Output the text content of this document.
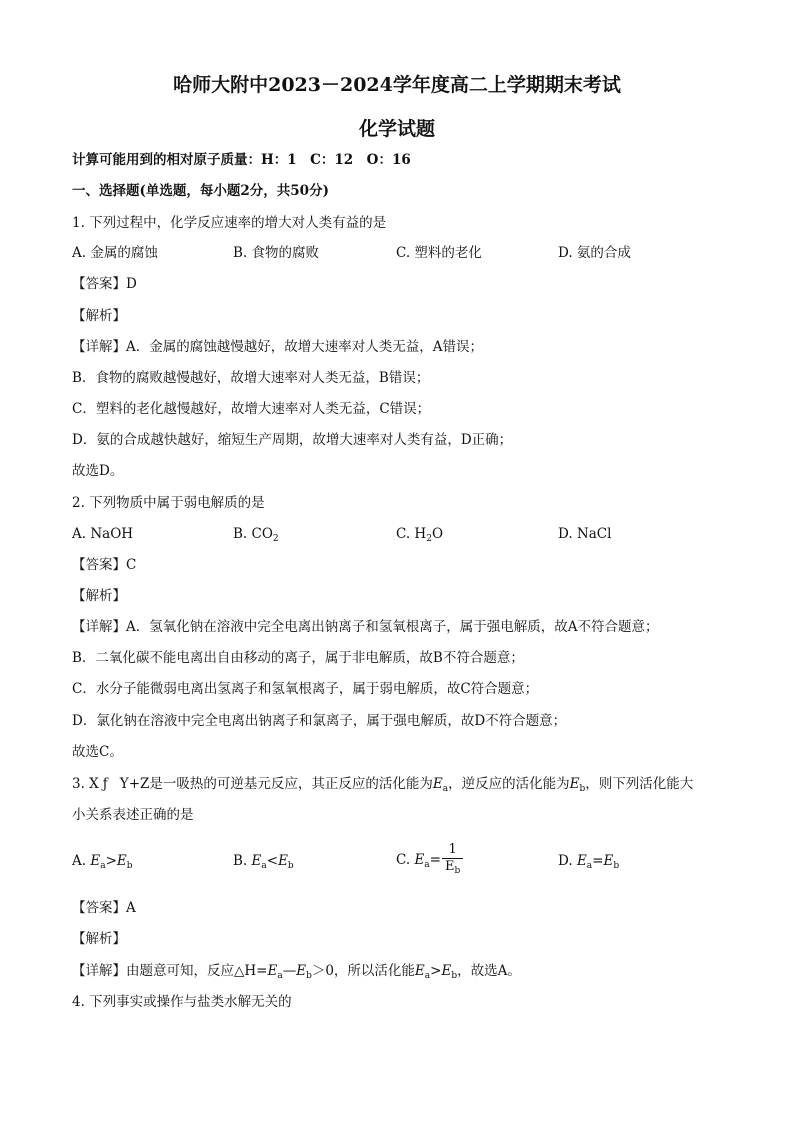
哈师大附中2023－2024学年度高二上学期期末考试
化学试题
计算可能用到的相对原子质量：H：1　C：12　O：16
一、选择题(单选题，每小题2分，共50分)
1. 下列过程中，化学反应速率的增大对人类有益的是
A. 金属的腐蚀	B. 食物的腐败	C. 塑料的老化	D. 氨的合成
【答案】D
【解析】
【详解】A．金属的腐蚀越慢越好，故增大速率对人类无益，A错误；
B．食物的腐败越慢越好，故增大速率对人类无益，B错误；
C．塑料的老化越慢越好，故增大速率对人类无益，C错误；
D．氨的合成越快越好，缩短生产周期，故增大速率对人类有益，D正确；
故选D。
2. 下列物质中属于弱电解质的是
A. NaOH	B. $CO_2$	C. $H_2O$	D. NaCl
【答案】C
【解析】
【详解】A．氢氧化钠在溶液中完全电离出钠离子和氢氧根离子，属于强电解质，故A不符合题意；
B．二氧化碳不能电离出自由移动的离子，属于非电解质，故B不符合题意；
C．水分子能微弱电离出氢离子和氢氧根离子，属于弱电解质，故C符合题意；
D．氯化钠在溶液中完全电离出钠离子和氯离子，属于强电解质，故D不符合题意；
故选C。
3. X ƒ Y+Z是一吸热的可逆基元反应，其正反应的活化能为$E_a$，逆反应的活化能为$E_b$，则下列活化能大
小关系表述正确的是
A. $E_a>E_b$	B. $E_a<E_b$	C. $E_a= \frac{1}{E_b}$	D. $E_a=E_b$
【答案】A
【解析】
【详解】由题意可知，反应$\triangle H=E_a—E_b>0$，所以活化能$E_a>E_b$，故选A。
4. 下列事实或操作与盐类水解无关的
